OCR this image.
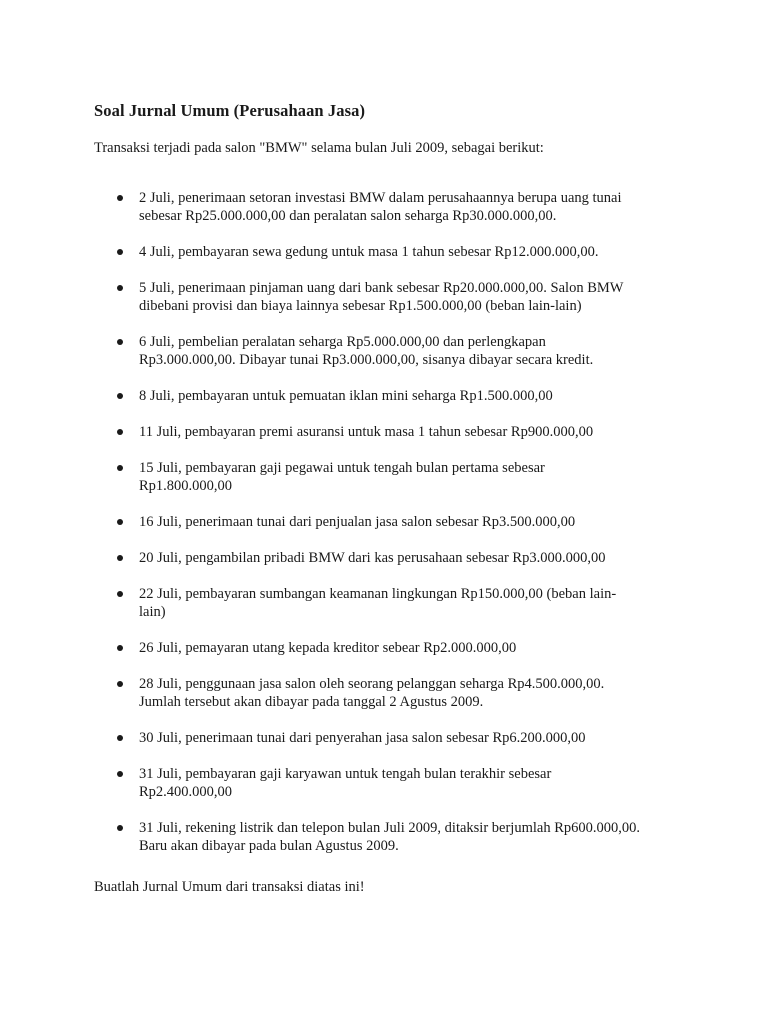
Soal Jurnal Umum (Perusahaan Jasa)

Transaksi terjadi pada salon "BMW" selama bulan Juli 2009, sebagai berikut:

2 Juli, penerimaan setoran investasi BMW dalam perusahaannya berupa uang tunai
sebesar Rp25.000.000,00 dan peralatan salon seharga Rp30.000.000,00.
4 Juli, pembayaran sewa gedung untuk masa 1 tahun sebesar Rp12.000.000,00.
5 Juli, penerimaan pinjaman uang dari bank sebesar Rp20.000.000,00. Salon BMW
dibebani provisi dan biaya lainnya sebesar Rp1.500.000,00 (beban lain-lain)
6 Juli, pembelian peralatan seharga Rp5.000.000,00 dan perlengkapan
Rp3.000.000,00. Dibayar tunai Rp3.000.000,00, sisanya dibayar secara kredit.
8 Juli, pembayaran untuk pemuatan iklan mini seharga Rp1.500.000,00
11 Juli, pembayaran premi asuransi untuk masa 1 tahun sebesar Rp900.000,00
15 Juli, pembayaran gaji pegawai untuk tengah bulan pertama sebesar
Rp1.800.000,00
16 Juli, penerimaan tunai dari penjualan jasa salon sebesar Rp3.500.000,00
20 Juli, pengambilan pribadi BMW dari kas perusahaan sebesar Rp3.000.000,00
22 Juli, pembayaran sumbangan keamanan lingkungan Rp150.000,00 (beban lain-
lain)
26 Juli, pemayaran utang kepada kreditor sebear Rp2.000.000,00
28 Juli, penggunaan jasa salon oleh seorang pelanggan seharga Rp4.500.000,00.
Jumlah tersebut akan dibayar pada tanggal 2 Agustus 2009.
30 Juli, penerimaan tunai dari penyerahan jasa salon sebesar Rp6.200.000,00
31 Juli, pembayaran gaji karyawan untuk tengah bulan terakhir sebesar
Rp2.400.000,00
31 Juli, rekening listrik dan telepon bulan Juli 2009, ditaksir berjumlah Rp600.000,00.
Baru akan dibayar pada bulan Agustus 2009.

Buatlah Jurnal Umum dari transaksi diatas ini!
